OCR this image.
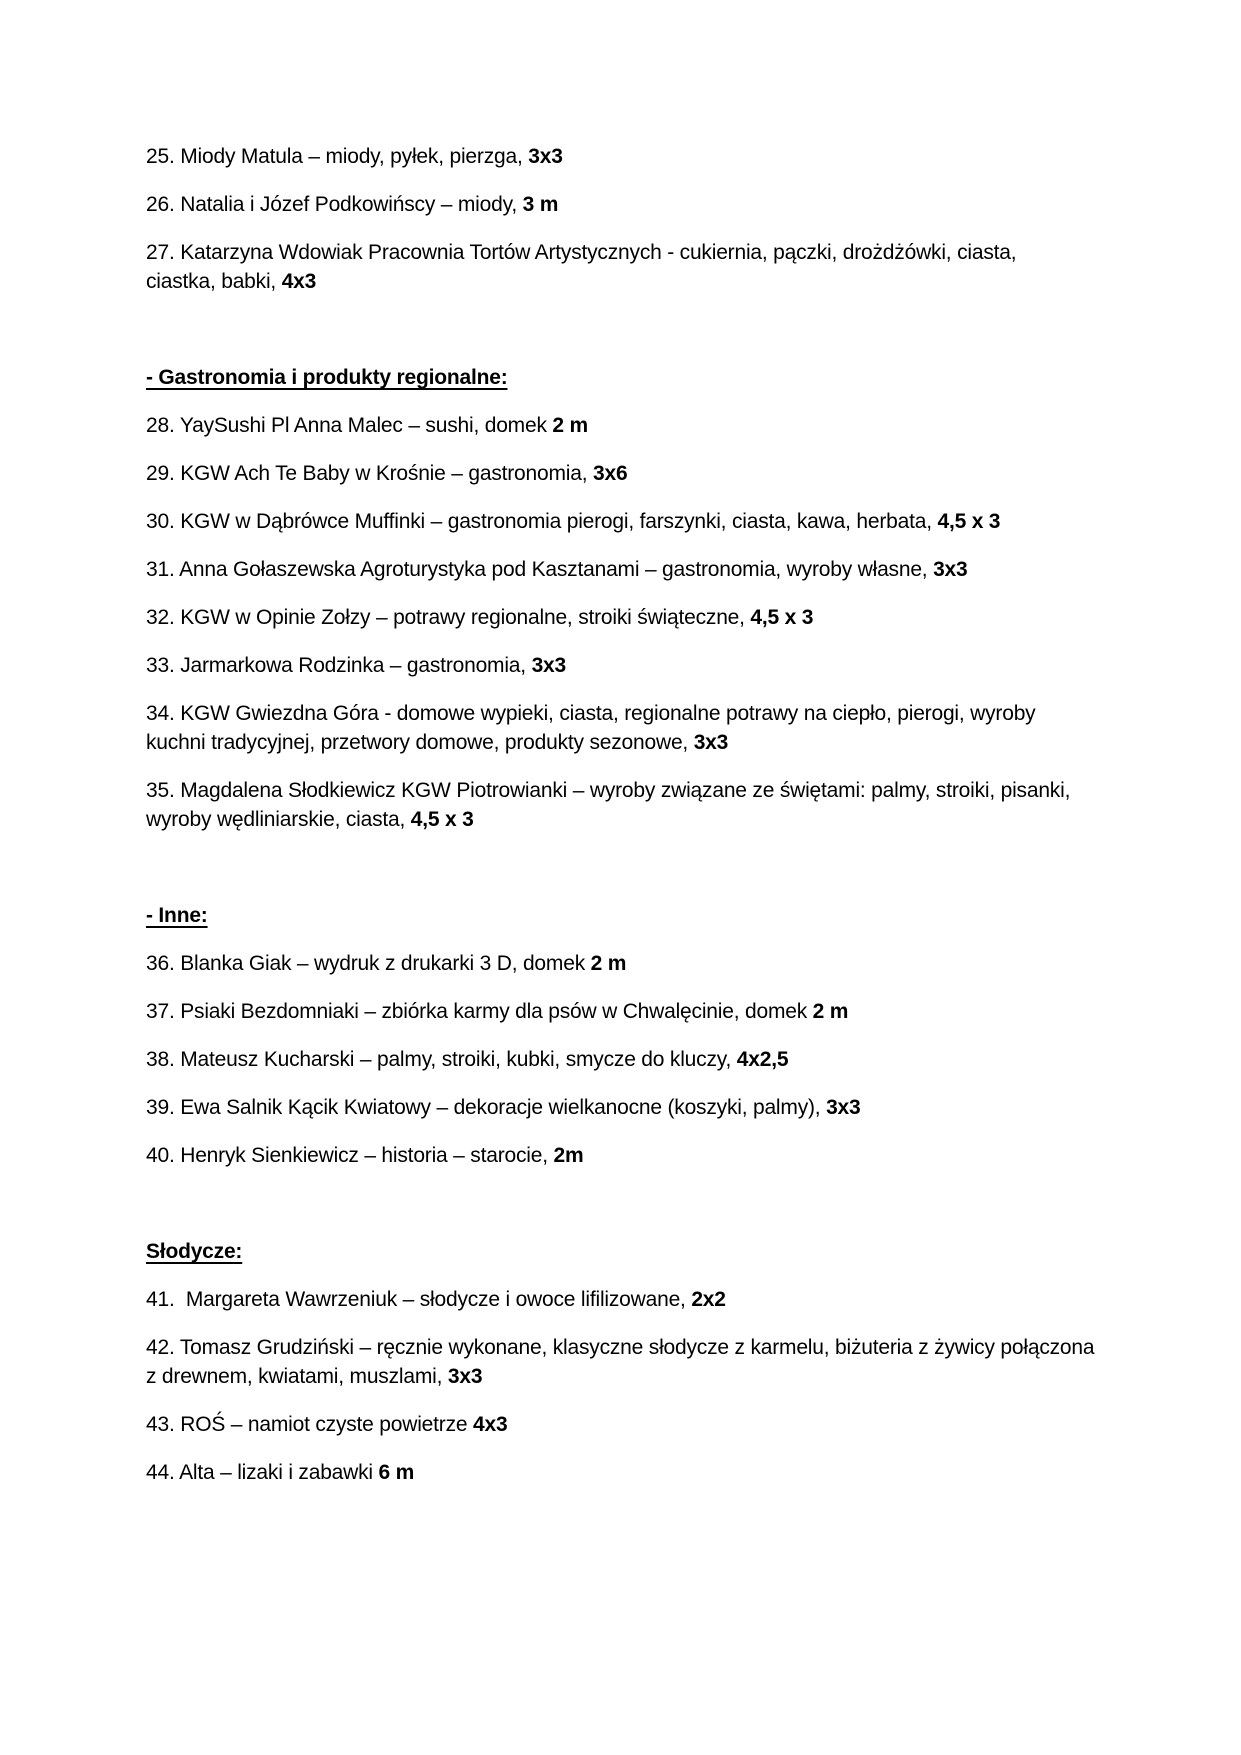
25. Miody Matula – miody, pyłek, pierzga, 3x3

26. Natalia i Józef Podkowińscy – miody, 3 m

27. Katarzyna Wdowiak Pracownia Tortów Artystycznych - cukiernia, pączki, drożdżówki, ciasta,
ciastka, babki, 4x3

- Gastronomia i produkty regionalne:

28. YaySushi Pl Anna Malec – sushi, domek 2 m

29. KGW Ach Te Baby w Krośnie – gastronomia, 3x6

30. KGW w Dąbrówce Muffinki – gastronomia pierogi, farszynki, ciasta, kawa, herbata, 4,5 x 3

31. Anna Gołaszewska Agroturystyka pod Kasztanami – gastronomia, wyroby własne, 3x3

32. KGW w Opinie Zołzy – potrawy regionalne, stroiki świąteczne, 4,5 x 3

33. Jarmarkowa Rodzinka – gastronomia, 3x3

34. KGW Gwiezdna Góra - domowe wypieki, ciasta, regionalne potrawy na ciepło, pierogi, wyroby
kuchni tradycyjnej, przetwory domowe, produkty sezonowe, 3x3

35. Magdalena Słodkiewicz KGW Piotrowianki – wyroby związane ze świętami: palmy, stroiki, pisanki,
wyroby wędliniarskie, ciasta, 4,5 x 3

- Inne:

36. Blanka Giak – wydruk z drukarki 3 D, domek 2 m

37. Psiaki Bezdomniaki – zbiórka karmy dla psów w Chwalęcinie, domek 2 m

38. Mateusz Kucharski – palmy, stroiki, kubki, smycze do kluczy, 4x2,5

39. Ewa Salnik Kącik Kwiatowy – dekoracje wielkanocne (koszyki, palmy), 3x3

40. Henryk Sienkiewicz – historia – starocie, 2m

Słodycze:

41.  Margareta Wawrzeniuk – słodycze i owoce lifilizowane, 2x2

42. Tomasz Grudziński – ręcznie wykonane, klasyczne słodycze z karmelu, biżuteria z żywicy połączona
z drewnem, kwiatami, muszlami, 3x3

43. ROŚ – namiot czyste powietrze 4x3

44. Alta – lizaki i zabawki 6 m
